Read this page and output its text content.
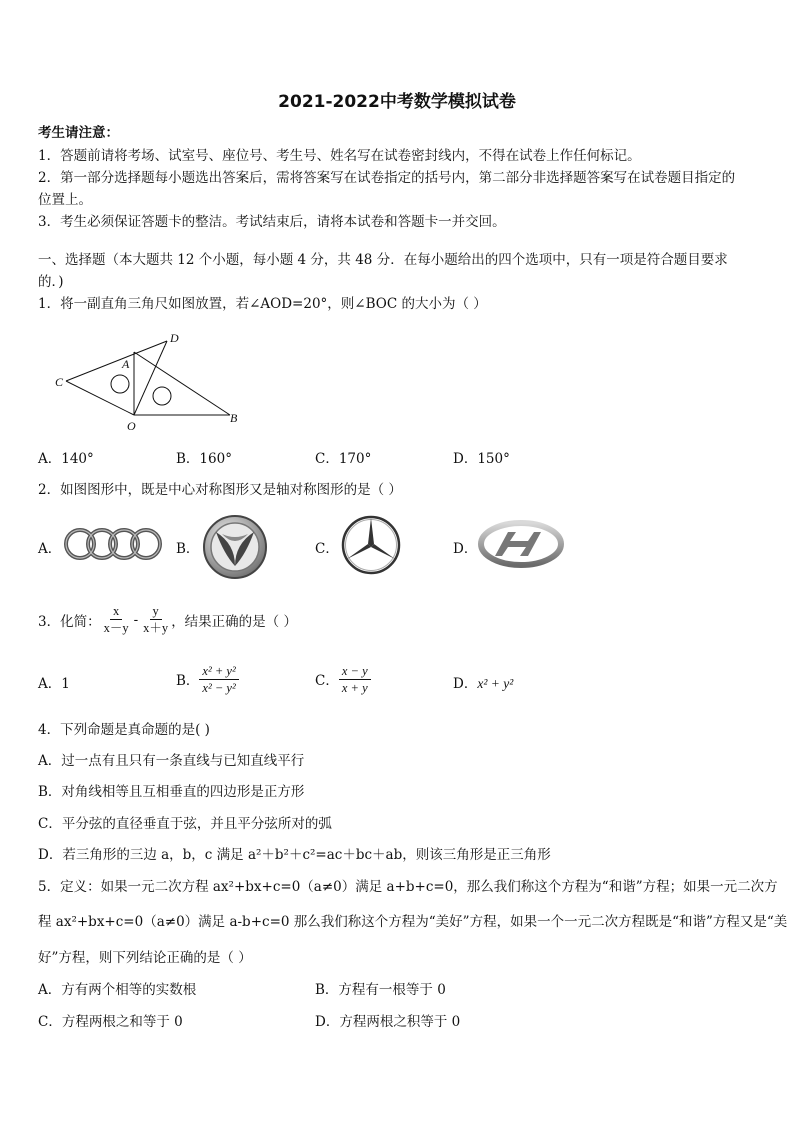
2021-2022中考数学模拟试卷
考生请注意：
1．答题前请将考场、试室号、座位号、考生号、姓名写在试卷密封线内，不得在试卷上作任何标记。
2．第一部分选择题每小题选出答案后，需将答案写在试卷指定的括号内，第二部分非选择题答案写在试卷题目指定的
位置上。
3．考生必须保证答题卡的整洁。考试结束后，请将本试卷和答题卡一并交回。
一、选择题（本大题共 12 个小题，每小题 4 分，共 48 分．在每小题给出的四个选项中，只有一项是符合题目要求
的．)
1．将一副直角三角尺如图放置，若∠AOD=20°，则∠BOC 的大小为（ ）
D
A
C
B
O
A．140°	B．160°	C．170°	D．150°
2．如图图形中，既是中心对称图形又是轴对称图形的是（ ）
A．	B．	C．	D．
3．化简： $\frac{x}{x-y} - \frac{y}{x+y}$ ，结果正确的是（ ）
A．1	B． $\frac{\text{x² + y²}}{\text{x² − y²}}$	C． $\frac{x - y}{x + y}$	D．x² + y²
4．下列命题是真命题的是( )
A．过一点有且只有一条直线与已知直线平行
B．对角线相等且互相垂直的四边形是正方形
C．平分弦的直径垂直于弦，并且平分弦所对的弧
D．若三角形的三边 a，b，c 满足 a²＋b²＋c²=ac＋bc＋ab，则该三角形是正三角形
5．定义：如果一元二次方程 ax²+bx+c=0（a≠0）满足 a+b+c=0，那么我们称这个方程为“和谐”方程；如果一元二次方
程 ax²+bx+c=0（a≠0）满足 a-b+c=0 那么我们称这个方程为“美好”方程，如果一个一元二次方程既是“和谐”方程又是“美
好”方程，则下列结论正确的是（ ）
A．方有两个相等的实数根	B．方程有一根等于 0
C．方程两根之和等于 0	D．方程两根之积等于 0
